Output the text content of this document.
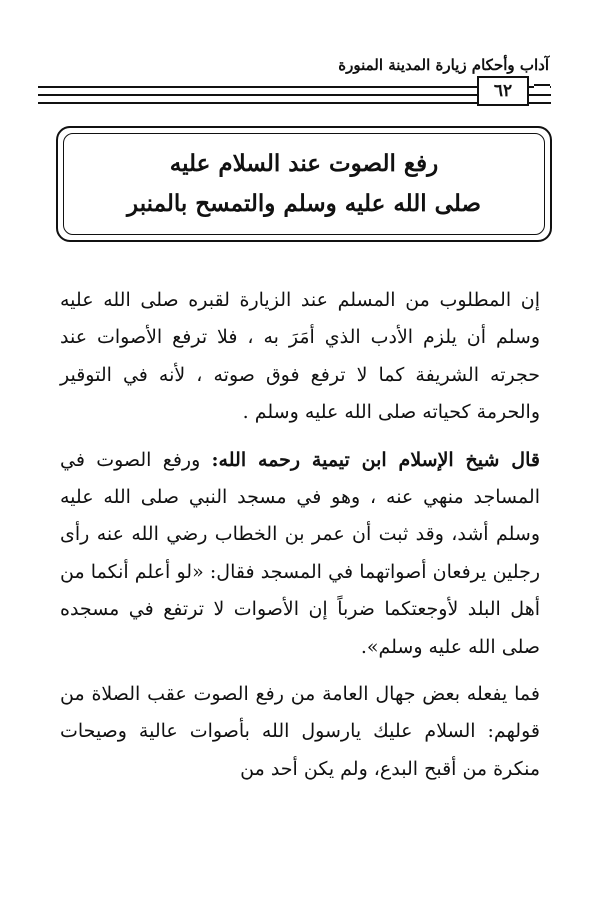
آداب وأحكام زيارة المدينة المنورة
٦٢
رفع الصوت عند السلام عليه
صلى الله عليه وسلم والتمسح بالمنبر

إن المطلوب من المسلم عند الزيارة لقبره صلى الله عليه وسلم أن يلزم الأدب الذي أمَرَ به ، فلا ترفع الأصوات عند حجرته الشريفة كما لا ترفع فوق صوته ، لأنه في التوقير والحرمة كحياته صلى الله عليه وسلم .

قال شيخ الإسلام ابن تيمية رحمه الله: ورفع الصوت في المساجد منهي عنه ، وهو في مسجد النبي صلى الله عليه وسلم أشد، وقد ثبت أن عمر بن الخطاب رضي الله عنه رأى رجلين يرفعان أصواتهما في المسجد فقال: «لو أعلم أنكما من أهل البلد لأوجعتكما ضرباً إن الأصوات لا ترتفع في مسجده صلى الله عليه وسلم».

فما يفعله بعض جهال العامة من رفع الصوت عقب الصلاة من قولهم: السلام عليك يارسول الله بأصوات عالية وصيحات منكرة من أقبح البدع، ولم يكن أحد من
